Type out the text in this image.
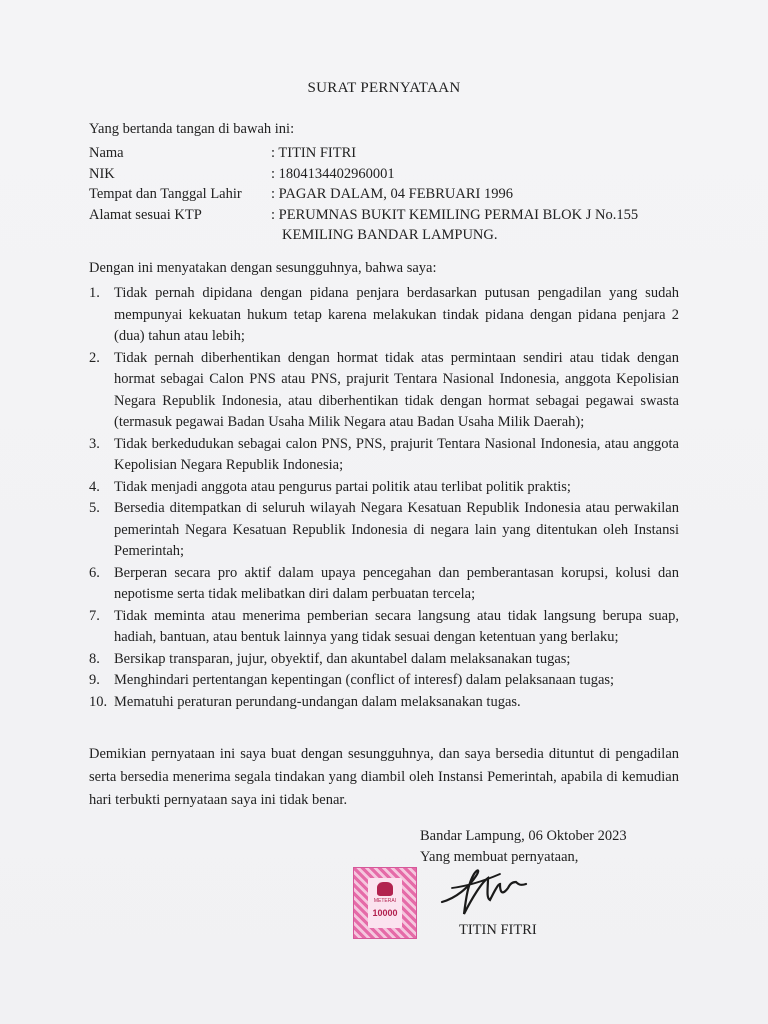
SURAT PERNYATAAN
Yang bertanda tangan di bawah ini:
Nama	: TITIN FITRI
NIK	: 1804134402960001
Tempat dan Tanggal Lahir : PAGAR DALAM, 04 FEBRUARI 1996
Alamat sesuai KTP	: PERUMNAS BUKIT KEMILING PERMAI BLOK J No.155
KEMILING BANDAR LAMPUNG.
Dengan ini menyatakan dengan sesungguhnya, bahwa saya:
1. Tidak pernah dipidana dengan pidana penjara berdasarkan putusan pengadilan yang sudah mempunyai kekuatan hukum tetap karena melakukan tindak pidana dengan pidana penjara 2 (dua) tahun atau lebih;
2. Tidak pernah diberhentikan dengan hormat tidak atas permintaan sendiri atau tidak dengan hormat sebagai Calon PNS atau PNS, prajurit Tentara Nasional Indonesia, anggota Kepolisian Negara Republik Indonesia, atau diberhentikan tidak dengan hormat sebagai pegawai swasta (termasuk pegawai Badan Usaha Milik Negara atau Badan Usaha Milik Daerah);
3. Tidak berkedudukan sebagai calon PNS, PNS, prajurit Tentara Nasional Indonesia, atau anggota Kepolisian Negara Republik Indonesia;
4. Tidak menjadi anggota atau pengurus partai politik atau terlibat politik praktis;
5. Bersedia ditempatkan di seluruh wilayah Negara Kesatuan Republik Indonesia atau perwakilan pemerintah Negara Kesatuan Republik Indonesia di negara lain yang ditentukan oleh Instansi Pemerintah;
6. Berperan secara pro aktif dalam upaya pencegahan dan pemberantasan korupsi, kolusi dan nepotisme serta tidak melibatkan diri dalam perbuatan tercela;
7. Tidak meminta atau menerima pemberian secara langsung atau tidak langsung berupa suap, hadiah, bantuan, atau bentuk lainnya yang tidak sesuai dengan ketentuan yang berlaku;
8. Bersikap transparan, jujur, obyektif, dan akuntabel dalam melaksanakan tugas;
9. Menghindari pertentangan kepentingan (conflict of interesf) dalam pelaksanaan tugas;
10. Mematuhi peraturan perundang-undangan dalam melaksanakan tugas.
Demikian pernyataan ini saya buat dengan sesungguhnya, dan saya bersedia dituntut di pengadilan serta bersedia menerima segala tindakan yang diambil oleh Instansi Pemerintah, apabila di kemudian hari terbukti pernyataan saya ini tidak benar.
Bandar Lampung, 06 Oktober 2023
Yang membuat pernyataan,
METERAI
10000
TITIN FITRI
